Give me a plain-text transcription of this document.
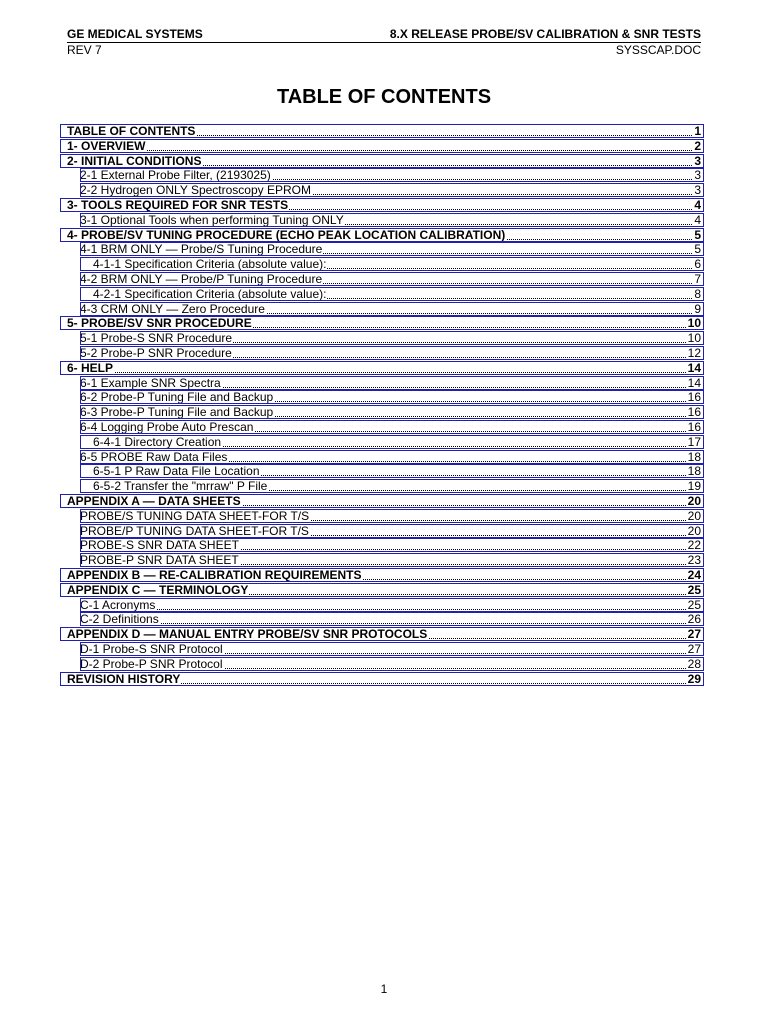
GE MEDICAL SYSTEMS	8.X RELEASE PROBE/SV CALIBRATION & SNR TESTS
REV 7	SYSSCAP.DOC
TABLE OF CONTENTS
TABLE OF CONTENTS	1
1- OVERVIEW	2
2- INITIAL CONDITIONS	3
2-1 External Probe Filter, (2193025)	3
2-2 Hydrogen ONLY Spectroscopy EPROM	3
3- TOOLS REQUIRED FOR SNR TESTS	4
3-1 Optional Tools when performing Tuning ONLY	4
4- PROBE/SV TUNING PROCEDURE (ECHO PEAK LOCATION CALIBRATION)	5
4-1 BRM ONLY — Probe/S Tuning Procedure	5
4-1-1 Specification Criteria (absolute value):	6
4-2 BRM ONLY — Probe/P Tuning Procedure	7
4-2-1 Specification Criteria (absolute value):	8
4-3 CRM ONLY — Zero Procedure	9
5- PROBE/SV SNR PROCEDURE	10
5-1 Probe-S SNR Procedure	10
5-2 Probe-P SNR Procedure	12
6- HELP	14
6-1 Example SNR Spectra	14
6-2 Probe-P Tuning File and Backup	16
6-3 Probe-P Tuning File and Backup	16
6-4 Logging Probe Auto Prescan	16
6-4-1 Directory Creation	17
6-5 PROBE Raw Data Files	18
6-5-1 P Raw Data File Location	18
6-5-2 Transfer the "mrraw" P File	19
APPENDIX A — DATA SHEETS	20
PROBE/S TUNING DATA SHEET-FOR T/S	20
PROBE/P TUNING DATA SHEET-FOR T/S	20
PROBE-S SNR DATA SHEET	22
PROBE-P SNR DATA SHEET	23
APPENDIX B — RE-CALIBRATION REQUIREMENTS	24
APPENDIX C — TERMINOLOGY	25
C-1 Acronyms	25
C-2 Definitions	26
APPENDIX D — MANUAL ENTRY PROBE/SV SNR PROTOCOLS	27
D-1 Probe-S SNR Protocol	27
D-2 Probe-P SNR Protocol	28
REVISION HISTORY	29
1
